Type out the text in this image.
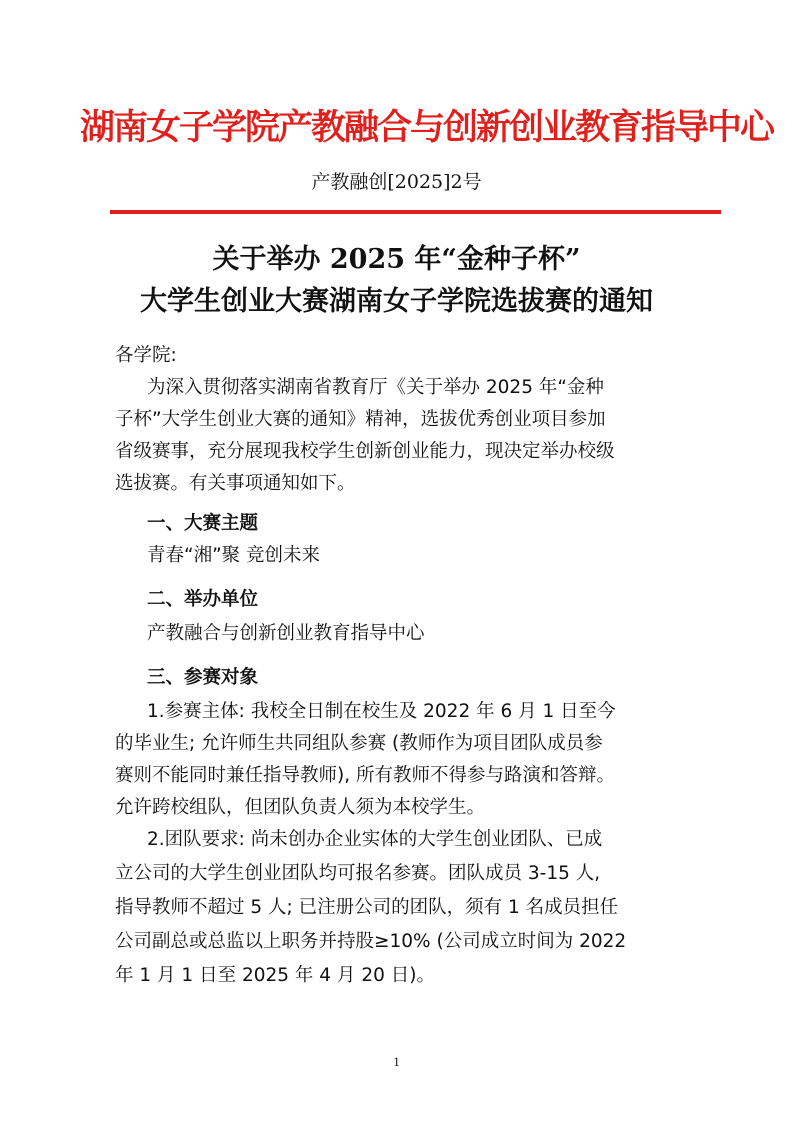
湖南女子学院产教融合与创新创业教育指导中心
产教融创[2025]2号
关于举办 2025 年“金种子杯”
大学生创业大赛湖南女子学院选拔赛的通知
各学院:
为深入贯彻落实湖南省教育厅《关于举办 2025 年“金种
子杯”大学生创业大赛的通知》精神，选拔优秀创业项目参加
省级赛事，充分展现我校学生创新创业能力，现决定举办校级
选拔赛。有关事项通知如下。
一、大赛主题
青春“湘”聚 竞创未来
二、举办单位
产教融合与创新创业教育指导中心
三、参赛对象
1.参赛主体: 我校全日制在校生及 2022 年 6 月 1 日至今
的毕业生; 允许师生共同组队参赛 (教师作为项目团队成员参
赛则不能同时兼任指导教师), 所有教师不得参与路演和答辩。
允许跨校组队，但团队负责人须为本校学生。
2.团队要求: 尚未创办企业实体的大学生创业团队、已成
立公司的大学生创业团队均可报名参赛。团队成员 3-15 人,
指导教师不超过 5 人; 已注册公司的团队，须有 1 名成员担任
公司副总或总监以上职务并持股≥10% (公司成立时间为 2022
年 1 月 1 日至 2025 年 4 月 20 日)。
1
